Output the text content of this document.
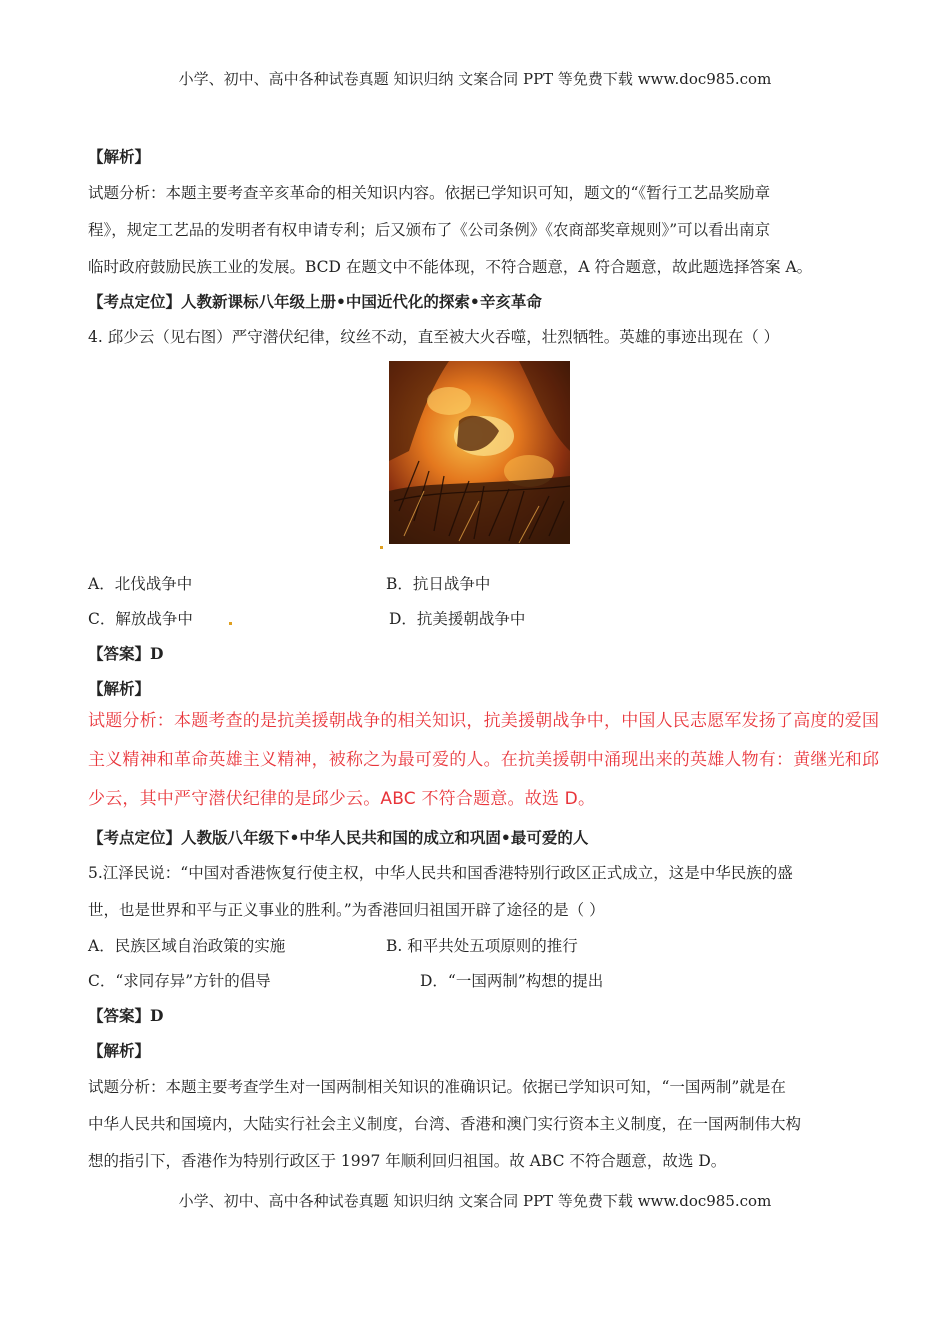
小学、初中、高中各种试卷真题 知识归纳 文案合同 PPT 等免费下载 www.doc985.com
【解析】
试题分析：本题主要考查辛亥革命的相关知识内容。依据已学知识可知，题文的“《暂行工艺品奖励章
程》，规定工艺品的发明者有权申请专利；后又颁布了《公司条例》《农商部奖章规则》”可以看出南京
临时政府鼓励民族工业的发展。BCD 在题文中不能体现，不符合题意，A 符合题意，故此题选择答案 A。
【考点定位】人教新课标八年级上册•中国近代化的探索•辛亥革命
4. 邱少云（见右图）严守潜伏纪律，纹丝不动，直至被大火吞噬，壮烈牺牲。英雄的事迹出现在（ ）
A．北伐战争中	B．抗日战争中
C．解放战争中	D．抗美援朝战争中
【答案】D
【解析】
试题分析：本题考查的是抗美援朝战争的相关知识，抗美援朝战争中，中国人民志愿军发扬了高度的爱国
主义精神和革命英雄主义精神，被称之为最可爱的人。在抗美援朝中涌现出来的英雄人物有：黄继光和邱
少云，其中严守潜伏纪律的是邱少云。ABC 不符合题意。故选 D。
【考点定位】人教版八年级下•中华人民共和国的成立和巩固•最可爱的人
5.江泽民说：“中国对香港恢复行使主权，中华人民共和国香港特别行政区正式成立，这是中华民族的盛
世，也是世界和平与正义事业的胜利。”为香港回归祖国开辟了途径的是（ ）
A．民族区域自治政策的实施	B. 和平共处五项原则的推行
C．“求同存异”方针的倡导	D．“一国两制”构想的提出
【答案】D
【解析】
试题分析：本题主要考查学生对一国两制相关知识的准确识记。依据已学知识可知，“一国两制”就是在
中华人民共和国境内，大陆实行社会主义制度，台湾、香港和澳门实行资本主义制度，在一国两制伟大构
想的指引下，香港作为特别行政区于 1997 年顺利回归祖国。故 ABC 不符合题意，故选 D。
小学、初中、高中各种试卷真题 知识归纳 文案合同 PPT 等免费下载 www.doc985.com
